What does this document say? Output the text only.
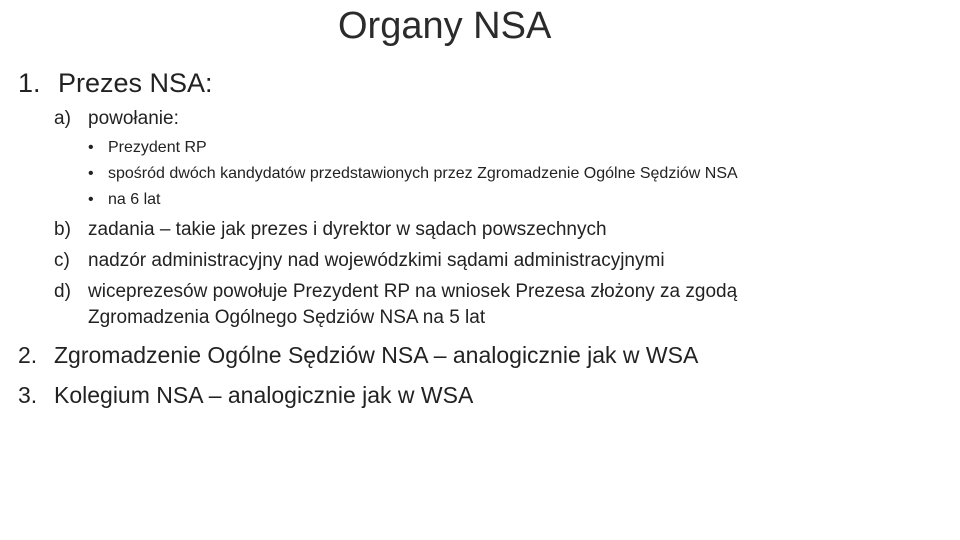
Organy NSA

1. Prezes NSA:

a) powołanie:

• Prezydent RP

• spośród dwóch kandydatów przedstawionych przez Zgromadzenie Ogólne Sędziów NSA

• na 6 lat

b) zadania – takie jak prezes i dyrektor w sądach powszechnych

c) nadzór administracyjny nad wojewódzkimi sądami administracyjnymi

d) wiceprezesów powołuje Prezydent RP na wniosek Prezesa złożony za zgodą

Zgromadzenia Ogólnego Sędziów NSA na 5 lat

2. Zgromadzenie Ogólne Sędziów NSA – analogicznie jak w WSA

3. Kolegium NSA – analogicznie jak w WSA
